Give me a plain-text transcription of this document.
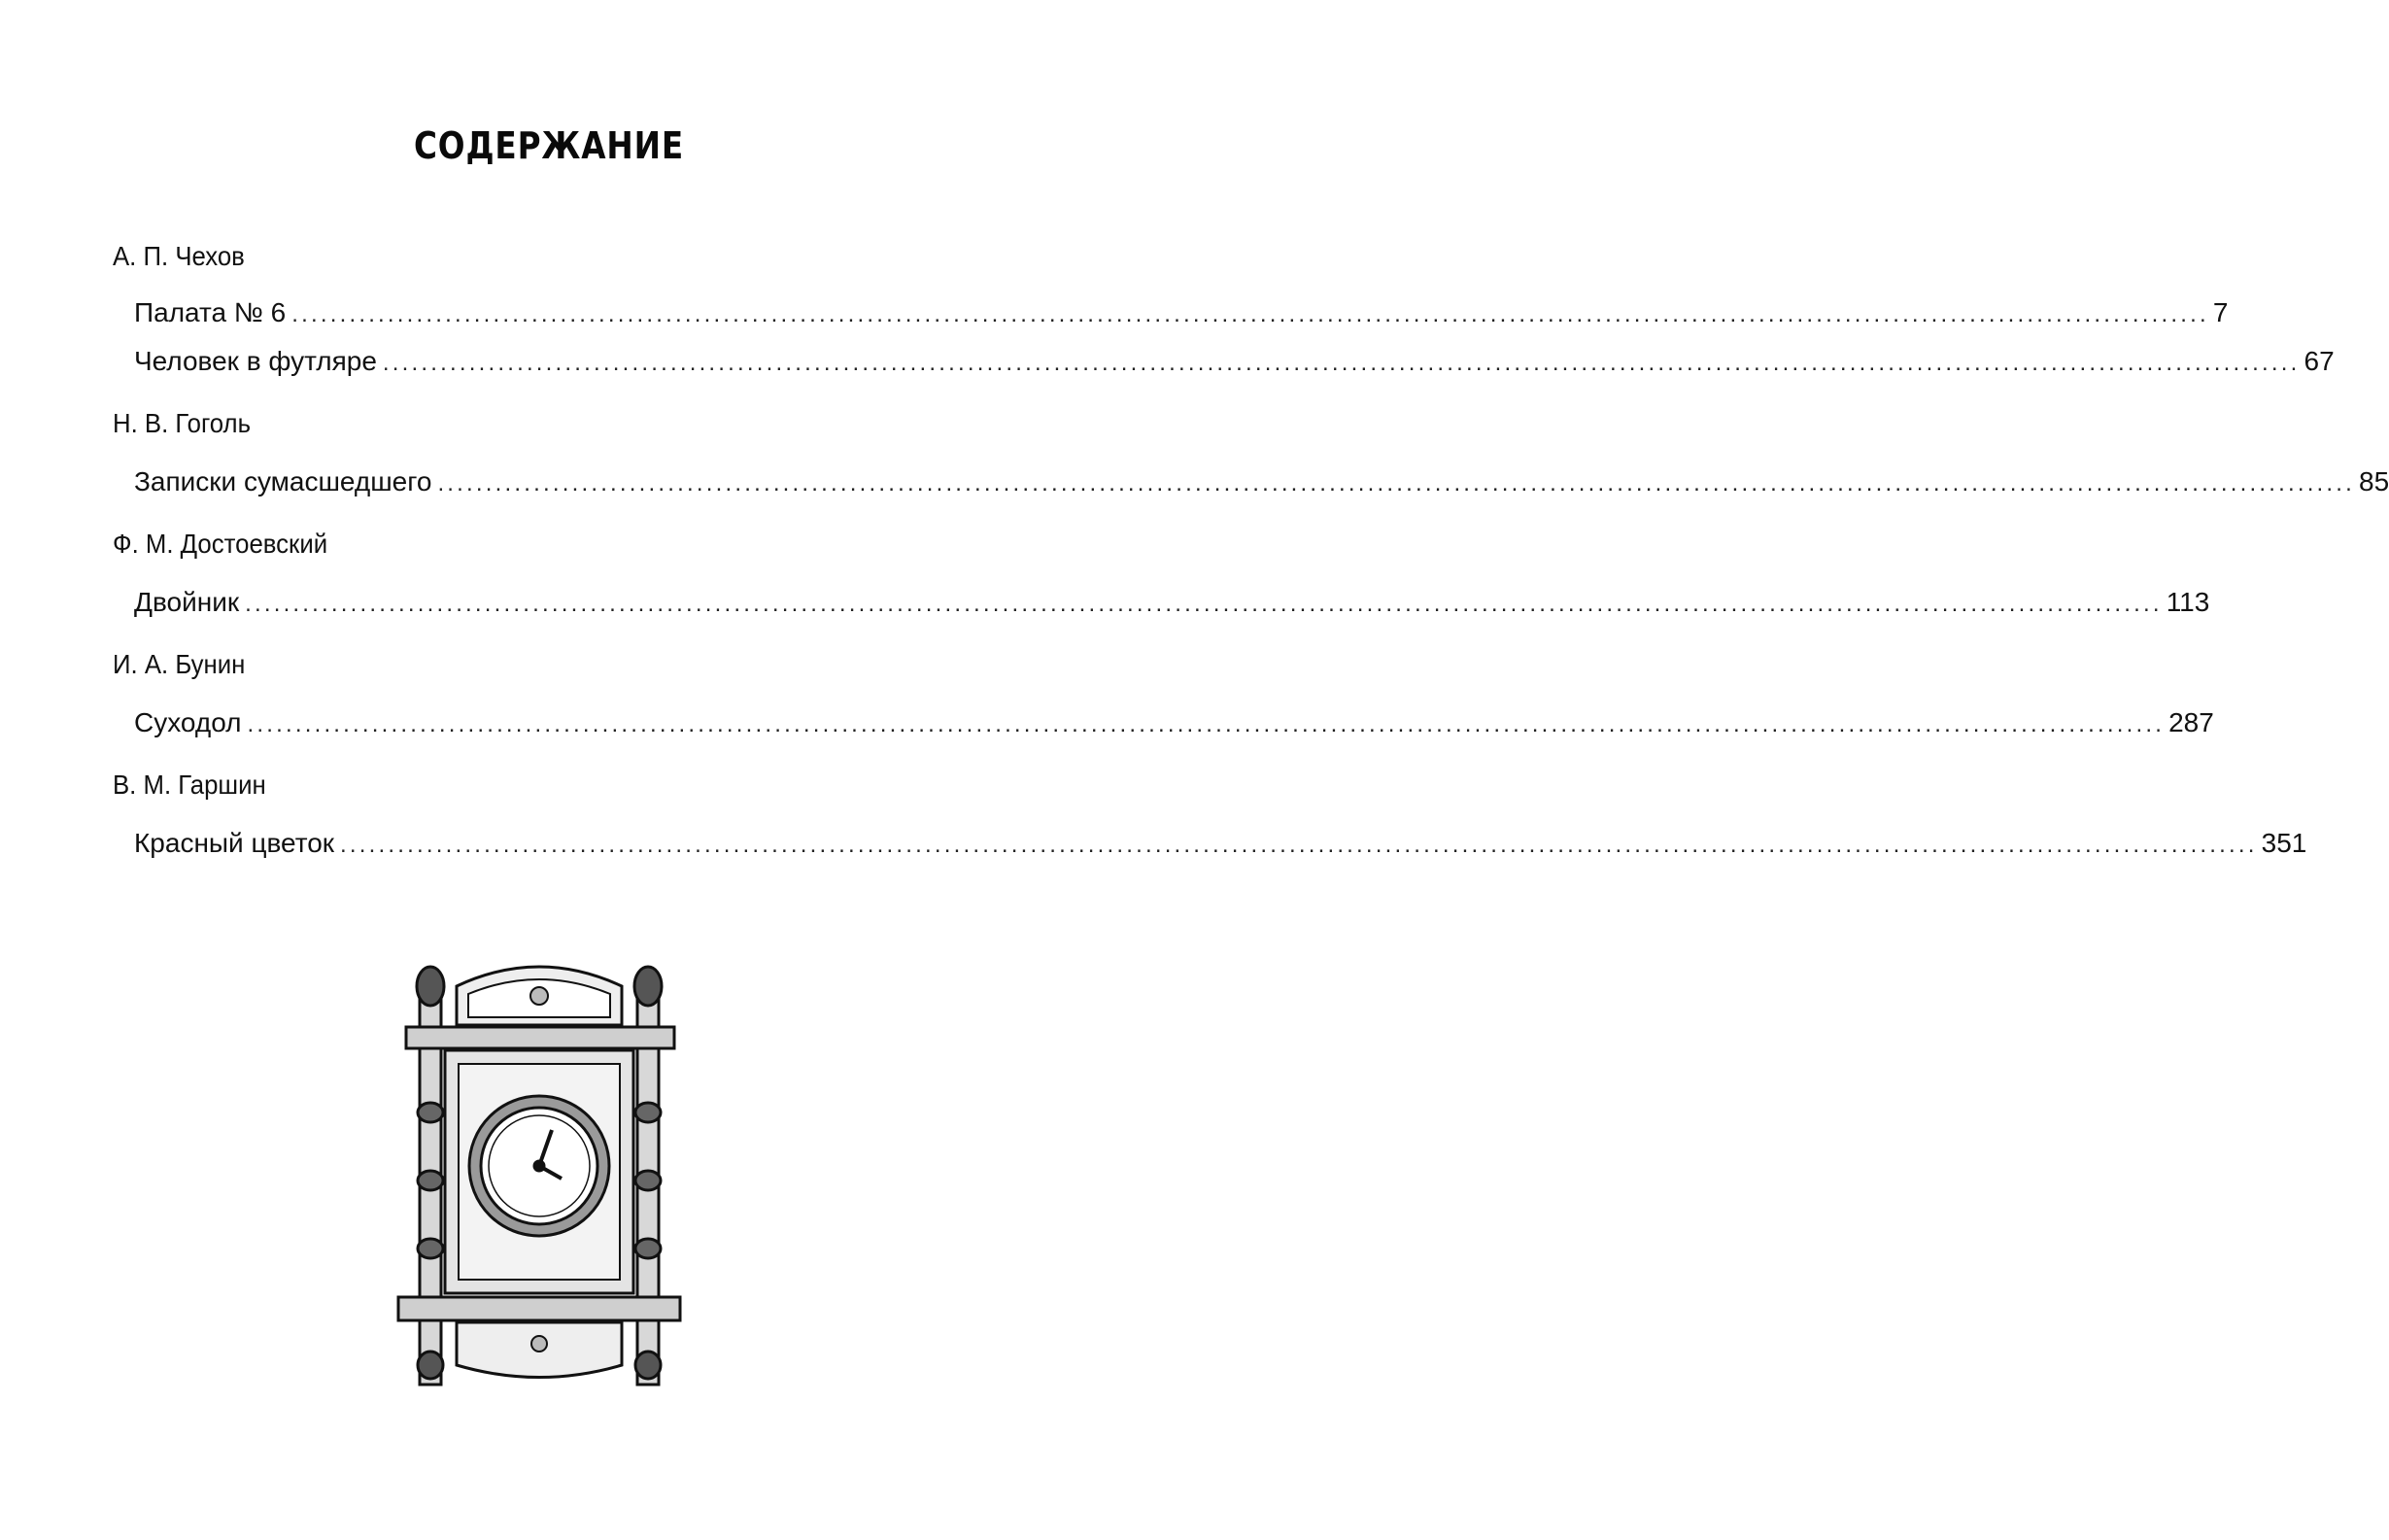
СОДЕРЖАНИЕ
А. П. Чехов
Палата № 6 ........................................................................................................................................................................................................ 7
Человек в футляре ........................................................................................................................................................................................................ 67
Н. В. Гоголь
Записки сумасшедшего ........................................................................................................................................................................................................ 85
Ф. М. Достоевский
Двойник ........................................................................................................................................................................................................ 113
И. А. Бунин
Суходол ........................................................................................................................................................................................................ 287
В. М. Гаршин
Красный цветок ........................................................................................................................................................................................................ 351
